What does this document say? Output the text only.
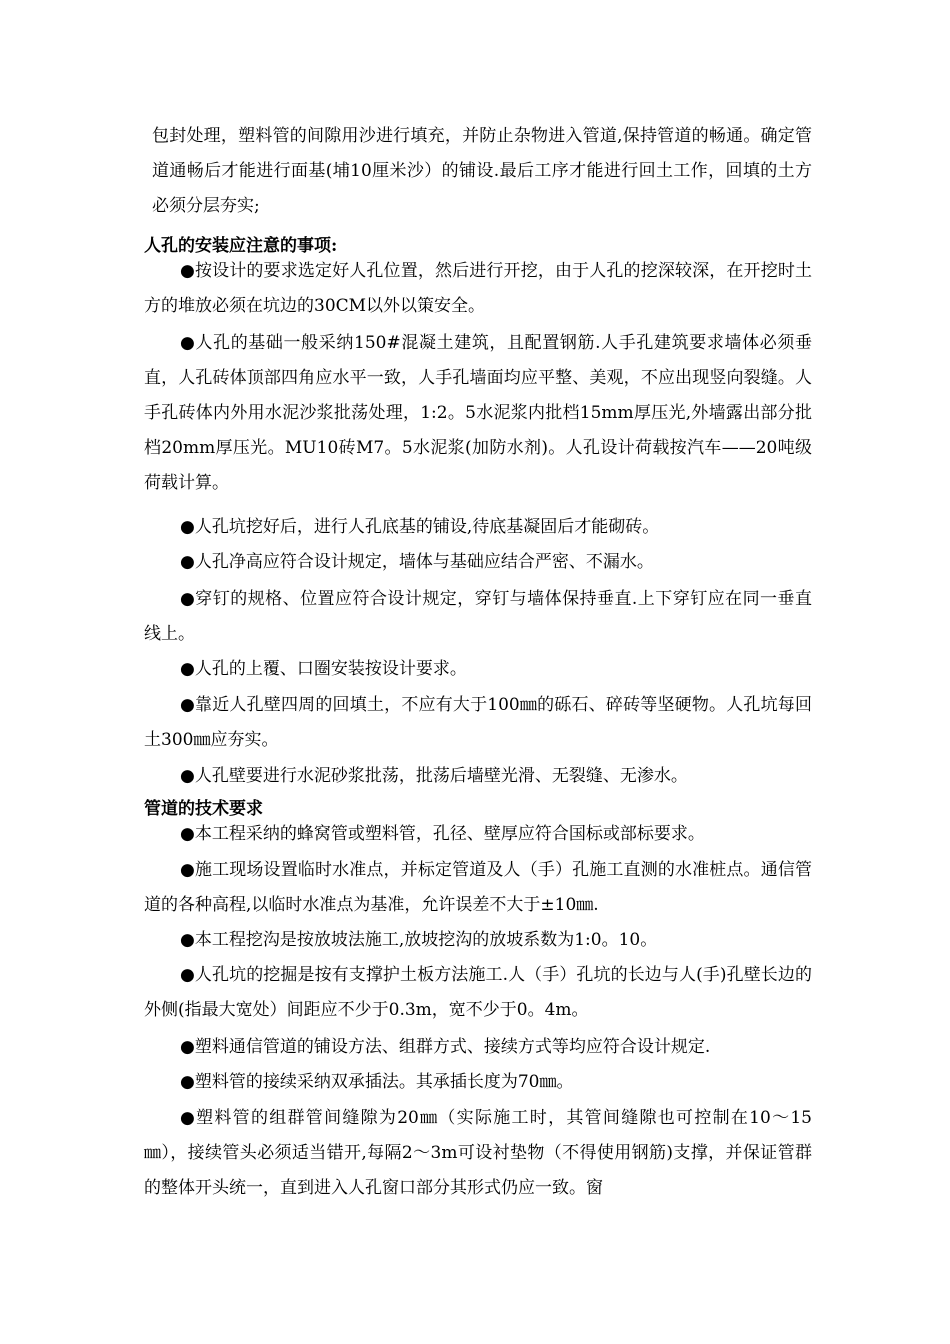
包封处理，塑料管的间隙用沙进行填充，并防止杂物进入管道,保持管道的畅通。确定管道通畅后才能进行面基(埔10厘米沙）的铺设.最后工序才能进行回土工作，回填的土方必须分层夯实;

人孔的安装应注意的事项:

●按设计的要求选定好人孔位置，然后进行开挖，由于人孔的挖深较深，在开挖时土方的堆放必须在坑边的30CM以外以策安全。

●人孔的基础一般采纳150#混凝土建筑，且配置钢筋.人手孔建筑要求墙体必须垂直，人孔砖体顶部四角应水平一致，人手孔墙面均应平整、美观，不应出现竖向裂缝。人手孔砖体内外用水泥沙浆批荡处理，1:2。5水泥浆内批档15mm厚压光,外墙露出部分批档20mm厚压光。MU10砖M7。5水泥浆(加防水剂)。人孔设计荷载按汽车——20吨级荷载计算。

●人孔坑挖好后，进行人孔底基的铺设,待底基凝固后才能砌砖。

●人孔净高应符合设计规定，墙体与基础应结合严密、不漏水。

●穿钉的规格、位置应符合设计规定，穿钉与墙体保持垂直.上下穿钉应在同一垂直线上。

●人孔的上覆、口圈安装按设计要求。

●靠近人孔壁四周的回填土，不应有大于100㎜的砾石、碎砖等坚硬物。人孔坑每回土300㎜应夯实。

●人孔壁要进行水泥砂浆批荡，批荡后墙壁光滑、无裂缝、无渗水。

管道的技术要求

●本工程采纳的蜂窝管或塑料管，孔径、壁厚应符合国标或部标要求。

●施工现场设置临时水准点，并标定管道及人（手）孔施工直测的水准桩点。通信管道的各种高程,以临时水准点为基准，允许误差不大于±10㎜.

●本工程挖沟是按放坡法施工,放坡挖沟的放坡系数为1:0。10。

●人孔坑的挖掘是按有支撑护土板方法施工.人（手）孔坑的长边与人(手)孔壁长边的外侧(指最大宽处）间距应不少于0.3m，宽不少于0。4m。

●塑料通信管道的铺设方法、组群方式、接续方式等均应符合设计规定.

●塑料管的接续采纳双承插法。其承插长度为70㎜。

●塑料管的组群管间缝隙为20㎜（实际施工时，其管间缝隙也可控制在10～15㎜），接续管头必须适当错开,每隔2～3m可设衬垫物（不得使用钢筋)支撑，并保证管群的整体开头统一，直到进入人孔窗口部分其形式仍应一致。窗
